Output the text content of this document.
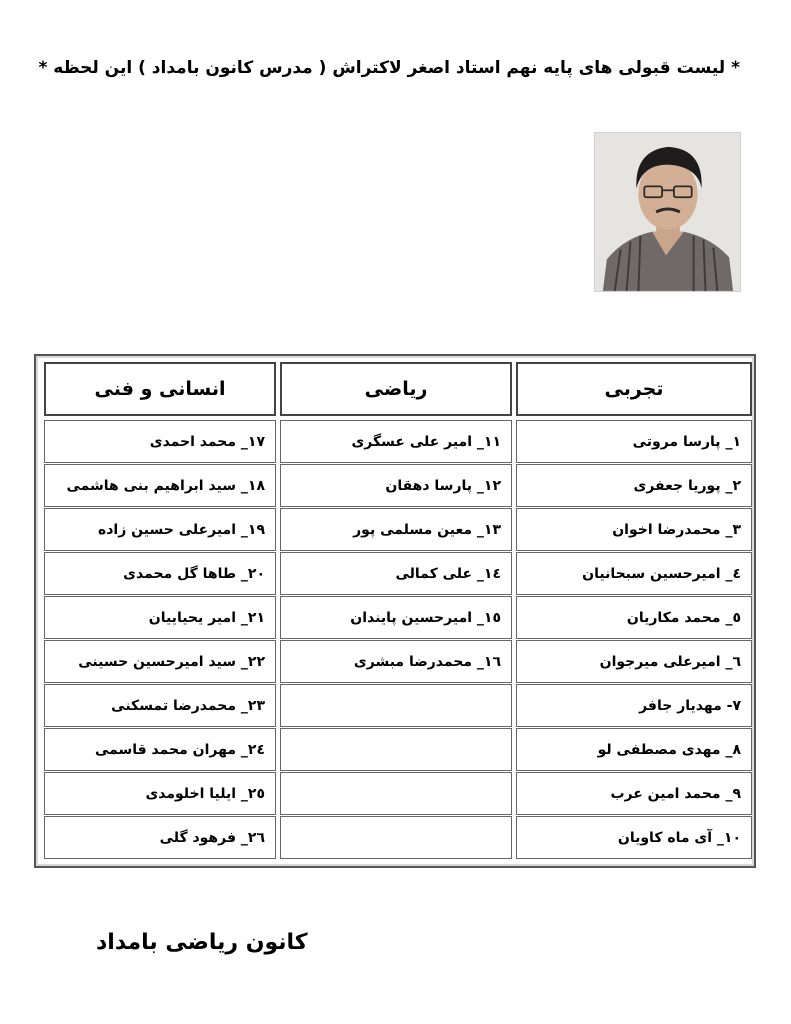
* لیست قبولی های پایه نهم استاد اصغر لاکتراش ( مدرس کانون بامداد ) این لحظه *
تجربی
ریاضی
انسانی و فنی
١_ پارسا مروتی
٢_ پوریا جعفری
٣_ محمدرضا اخوان
٤_ امیرحسین سبحانیان
٥_ محمد مکاریان
٦_ امیرعلی میرجوان
٧- مهدیار جافر
٨_ مهدی مصطفی لو
٩_ محمد امین عرب
١٠_ آی ماه کاویان
١١_ امیر علی عسگری
١٢_ پارسا دهقان
١٣_ معین مسلمی پور
١٤_ علی کمالی
١٥_ امیرحسین پایندان
١٦_ محمدرضا مبشری
١٧_ محمد احمدی
١٨_ سید ابراهیم بنی هاشمی
١٩_ امیرعلی حسین زاده
٢٠_ طاها گل محمدی
٢١_ امیر یحیاییان
٢٢_ سید امیرحسین حسینی
٢٣_ محمدرضا تمسکنی
٢٤_ مهران محمد قاسمی
٢٥_ ایلیا اخلومدی
٢٦_ فرهود گلی
کانون ریاضی بامداد
